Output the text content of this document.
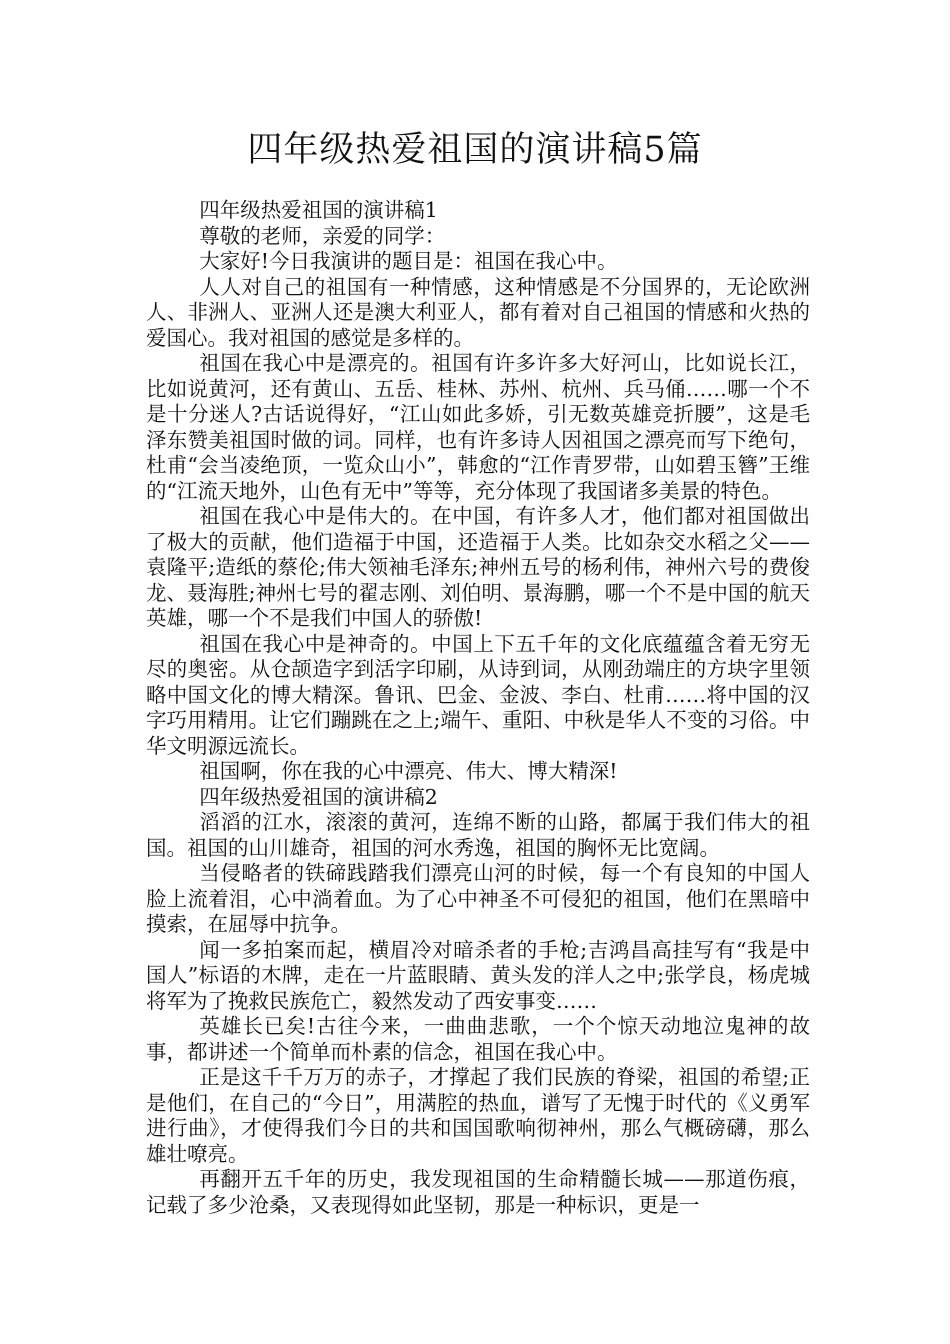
四年级热爱祖国的演讲稿5篇

四年级热爱祖国的演讲稿1

尊敬的老师，亲爱的同学：

大家好!今日我演讲的题目是：祖国在我心中。

人人对自己的祖国有一种情感，这种情感是不分国界的，无论欧洲人、非洲人、亚洲人还是澳大利亚人，都有着对自己祖国的情感和火热的爱国心。我对祖国的感觉是多样的。

祖国在我心中是漂亮的。祖国有许多许多大好河山，比如说长江，比如说黄河，还有黄山、五岳、桂林、苏州、杭州、兵马俑……哪一个不是十分迷人?古话说得好，“江山如此多娇，引无数英雄竞折腰”，这是毛泽东赞美祖国时做的词。同样，也有许多诗人因祖国之漂亮而写下绝句，杜甫“会当凌绝顶，一览众山小”，韩愈的“江作青罗带，山如碧玉簪”王维的“江流天地外，山色有无中”等等，充分体现了我国诸多美景的特色。

祖国在我心中是伟大的。在中国，有许多人才，他们都对祖国做出了极大的贡献，他们造福于中国，还造福于人类。比如杂交水稻之父——袁隆平;造纸的蔡伦;伟大领袖毛泽东;神州五号的杨利伟，神州六号的费俊龙、聂海胜;神州七号的翟志刚、刘伯明、景海鹏，哪一个不是中国的航天英雄，哪一个不是我们中国人的骄傲!

祖国在我心中是神奇的。中国上下五千年的文化底蕴蕴含着无穷无尽的奥密。从仓颉造字到活字印刷，从诗到词，从刚劲端庄的方块字里领略中国文化的博大精深。鲁讯、巴金、金波、李白、杜甫……将中国的汉字巧用精用。让它们蹦跳在之上;端午、重阳、中秋是华人不变的习俗。中华文明源远流长。

祖国啊，你在我的心中漂亮、伟大、博大精深!

四年级热爱祖国的演讲稿2

滔滔的江水，滚滚的黄河，连绵不断的山路，都属于我们伟大的祖国。祖国的山川雄奇，祖国的河水秀逸，祖国的胸怀无比宽阔。

当侵略者的铁碲践踏我们漂亮山河的时候，每一个有良知的中国人脸上流着泪，心中淌着血。为了心中神圣不可侵犯的祖国，他们在黑暗中摸索，在屈辱中抗争。

闻一多拍案而起，横眉冷对暗杀者的手枪;吉鸿昌高挂写有“我是中国人”标语的木牌，走在一片蓝眼睛、黄头发的洋人之中;张学良，杨虎城将军为了挽救民族危亡，毅然发动了西安事变……

英雄长已矣!古往今来，一曲曲悲歌，一个个惊天动地泣鬼神的故事，都讲述一个简单而朴素的信念，祖国在我心中。

正是这千千万万的赤子，才撑起了我们民族的脊梁，祖国的希望;正是他们，在自己的“今日”，用满腔的热血，谱写了无愧于时代的《义勇军进行曲》，才使得我们今日的共和国国歌响彻神州，那么气概磅礴，那么雄壮嘹亮。

再翻开五千年的历史，我发现祖国的生命精髓长城——那道伤痕，记载了多少沧桑，又表现得如此坚韧，那是一种标识，更是一
